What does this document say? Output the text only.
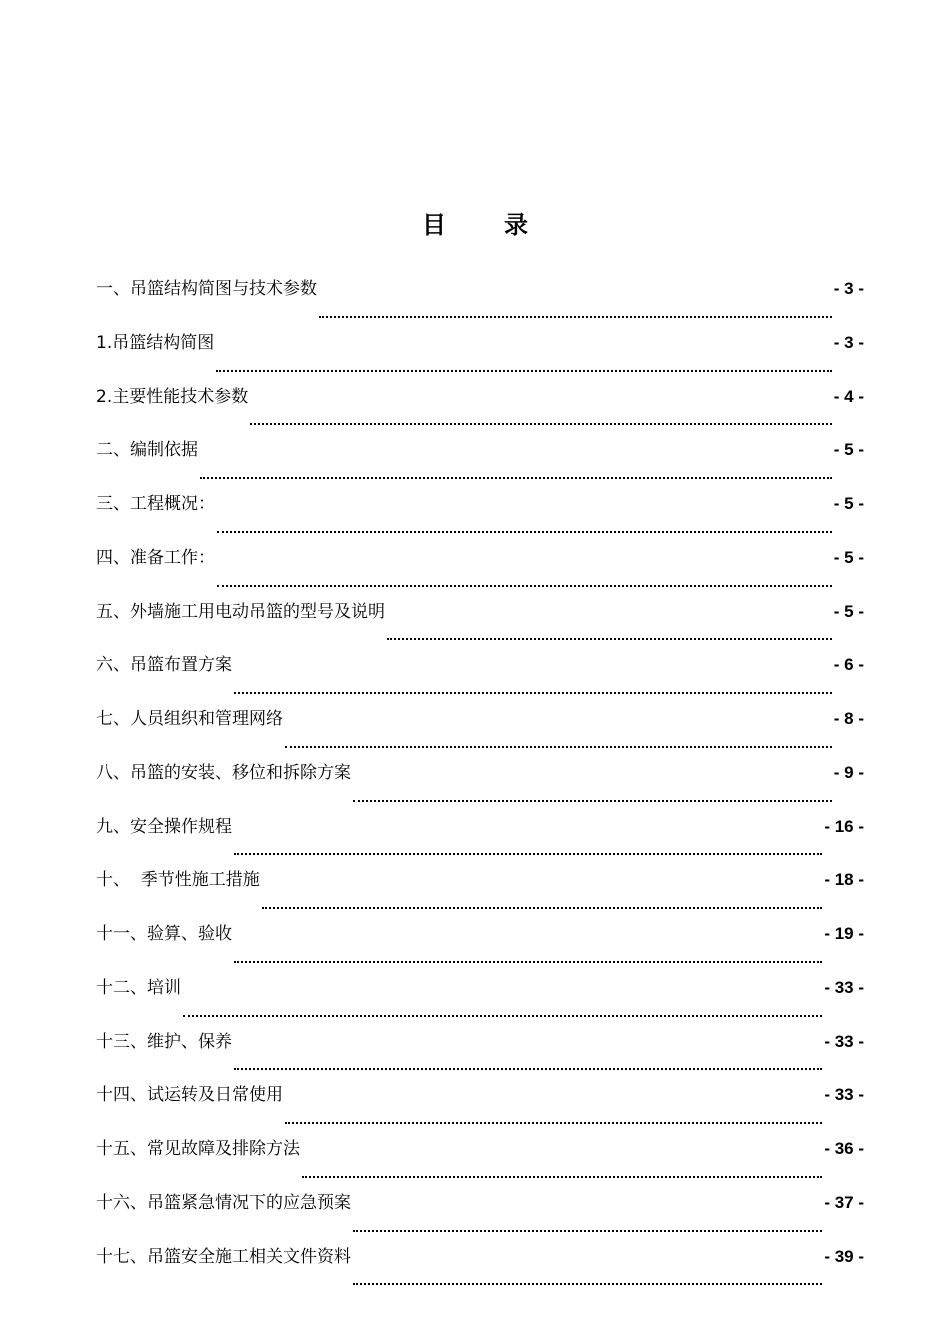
目 录
一、吊篮结构简图与技术参数	- 3 -
1.吊篮结构简图	- 3 -
2.主要性能技术参数	- 4 -
二、编制依据	- 5 -
三、工程概况：	- 5 -
四、准备工作：	- 5 -
五、外墙施工用电动吊篮的型号及说明	- 5 -
六、吊篮布置方案	- 6 -
七、人员组织和管理网络	- 8 -
八、吊篮的安装、移位和拆除方案	- 9 -
九、安全操作规程	- 16 -
十、  季节性施工措施	- 18 -
十一、验算、验收	- 19 -
十二、培训	- 33 -
十三、维护、保养	- 33 -
十四、试运转及日常使用	- 33 -
十五、常见故障及排除方法	- 36 -
十六、吊篮紧急情况下的应急预案	- 37 -
十七、吊篮安全施工相关文件资料	- 39 -
